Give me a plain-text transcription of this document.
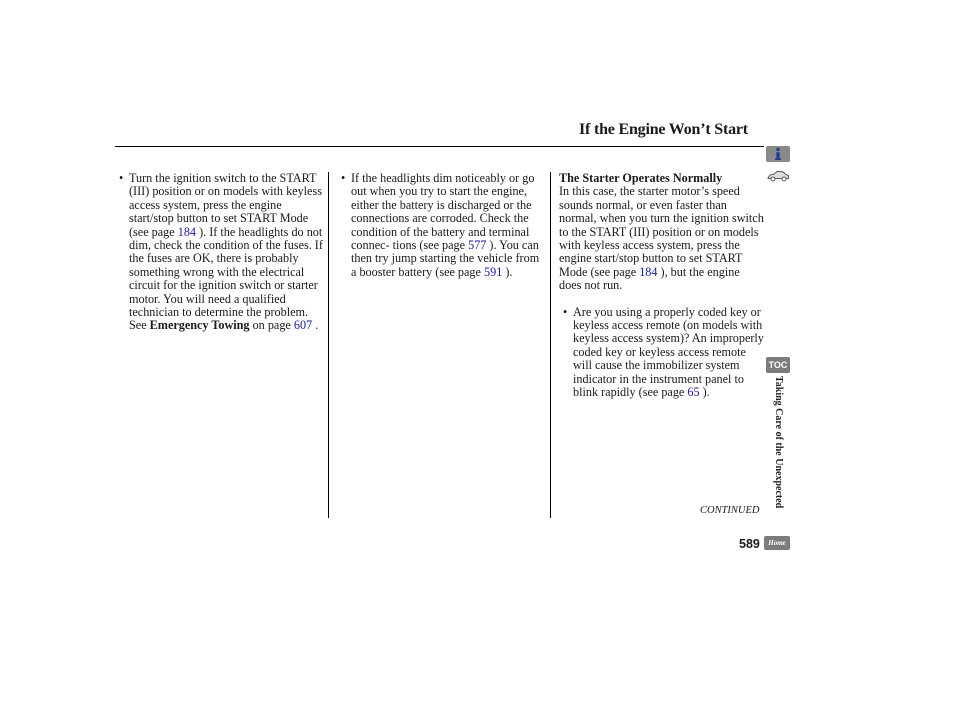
If the Engine Won’t Start

• Turn the ignition switch to the START (III) position or on models with keyless access system, press the engine start/stop button to set START Mode (see page 184 ). If the headlights do not dim, check the condition of the fuses. If the fuses are OK, there is probably something wrong with the electrical circuit for the ignition switch or starter motor. You will need a qualified technician to determine the problem. See Emergency Towing on page 607 .

• If the headlights dim noticeably or go out when you try to start the engine, either the battery is discharged or the connections are corroded. Check the condition of the battery and terminal connec- tions (see page 577 ). You can then try jump starting the vehicle from a booster battery (see page 591 ).

The Starter Operates Normally

In this case, the starter motor’s speed sounds normal, or even faster than normal, when you turn the ignition switch to the START (III) position or on models with keyless access system, press the engine start/stop button to set START Mode (see page 184 ), but the engine does not run.

• Are you using a properly coded key or keyless access remote (on models with keyless access system)? An improperly coded key or keyless access remote will cause the immobilizer system indicator in the instrument panel to blink rapidly (see page 65 ).

TOC
Taking Care of the Unexpected
CONTINUED
589	Home
